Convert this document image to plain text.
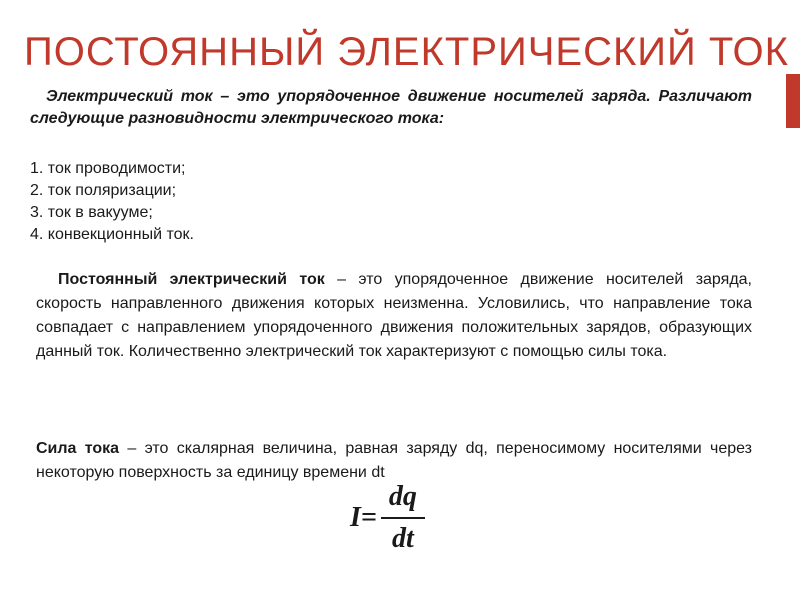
ПОСТОЯННЫЙ ЭЛЕКТРИЧЕСКИЙ ТОК
Электрический ток – это упорядоченное движение носителей заряда. Различают следующие разновидности электрического тока:
1. ток проводимости;
2. ток поляризации;
3. ток в вакууме;
4. конвекционный ток.
Постоянный электрический ток – это упорядоченное движение носителей заряда, скорость направленного движения которых неизменна. Условились, что направление тока совпадает с направлением упорядоченного движения положительных зарядов, образующих данный ток. Количественно электрический ток характеризуют с помощью силы тока.
Сила тока – это скалярная величина, равная заряду dq, переносимому носителями через некоторую поверхность за единицу времени dt
$I= \frac{dq}{dt}$
